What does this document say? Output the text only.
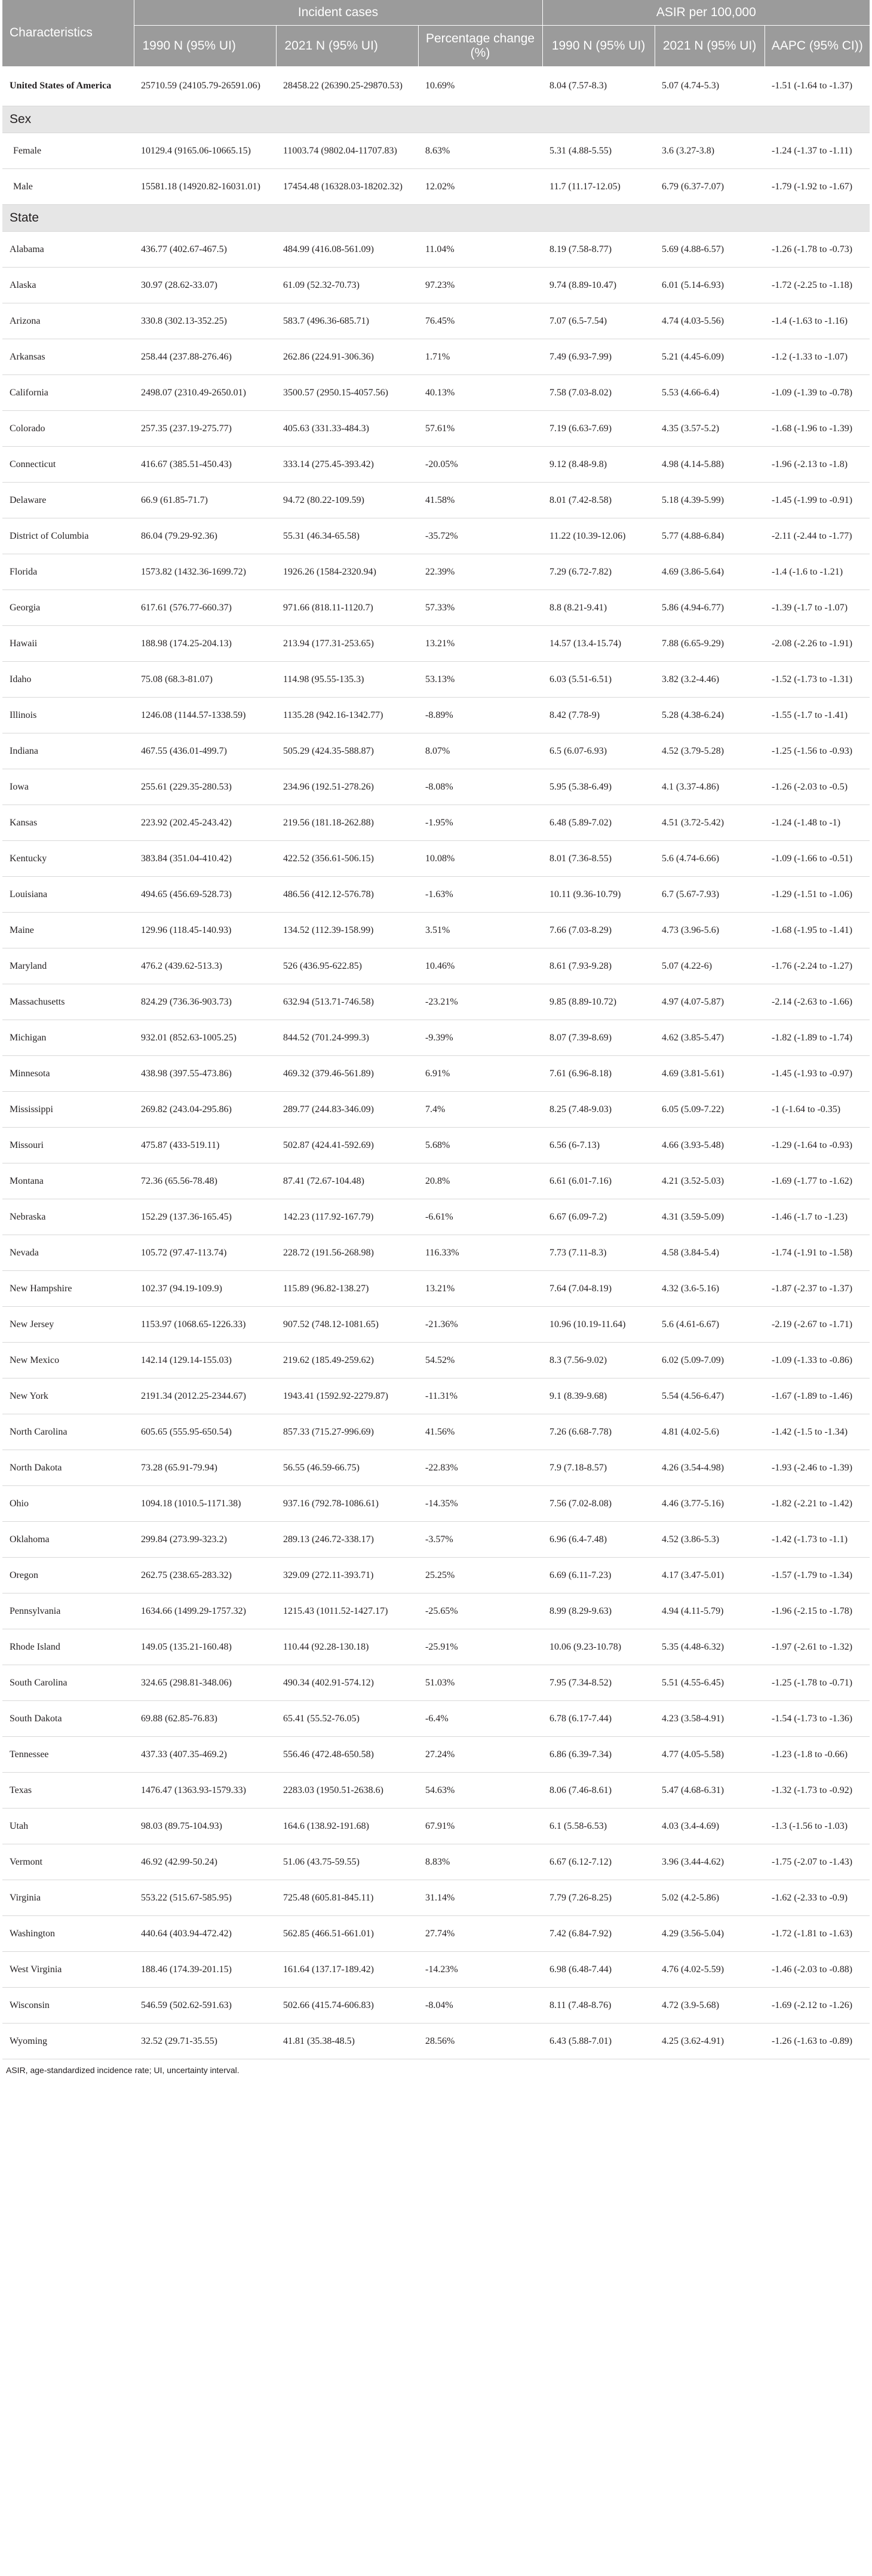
Characteristics	Incident cases			ASIR per 100,000		
	1990 N (95% UI)	2021 N (95% UI)	Percentage change (%)	1990 N (95% UI)	2021 N (95% UI)	AAPC (95% CI))
United States of America	25710.59 (24105.79-26591.06)	28458.22 (26390.25-29870.53)	10.69%	8.04 (7.57-8.3)	5.07 (4.74-5.3)	-1.51 (-1.64 to -1.37)
Sex						
Female	10129.4 (9165.06-10665.15)	11003.74 (9802.04-11707.83)	8.63%	5.31 (4.88-5.55)	3.6 (3.27-3.8)	-1.24 (-1.37 to -1.11)
Male	15581.18 (14920.82-16031.01)	17454.48 (16328.03-18202.32)	12.02%	11.7 (11.17-12.05)	6.79 (6.37-7.07)	-1.79 (-1.92 to -1.67)
State						
Alabama	436.77 (402.67-467.5)	484.99 (416.08-561.09)	11.04%	8.19 (7.58-8.77)	5.69 (4.88-6.57)	-1.26 (-1.78 to -0.73)
Alaska	30.97 (28.62-33.07)	61.09 (52.32-70.73)	97.23%	9.74 (8.89-10.47)	6.01 (5.14-6.93)	-1.72 (-2.25 to -1.18)
Arizona	330.8 (302.13-352.25)	583.7 (496.36-685.71)	76.45%	7.07 (6.5-7.54)	4.74 (4.03-5.56)	-1.4 (-1.63 to -1.16)
Arkansas	258.44 (237.88-276.46)	262.86 (224.91-306.36)	1.71%	7.49 (6.93-7.99)	5.21 (4.45-6.09)	-1.2 (-1.33 to -1.07)
California	2498.07 (2310.49-2650.01)	3500.57 (2950.15-4057.56)	40.13%	7.58 (7.03-8.02)	5.53 (4.66-6.4)	-1.09 (-1.39 to -0.78)
Colorado	257.35 (237.19-275.77)	405.63 (331.33-484.3)	57.61%	7.19 (6.63-7.69)	4.35 (3.57-5.2)	-1.68 (-1.96 to -1.39)
Connecticut	416.67 (385.51-450.43)	333.14 (275.45-393.42)	-20.05%	9.12 (8.48-9.8)	4.98 (4.14-5.88)	-1.96 (-2.13 to -1.8)
Delaware	66.9 (61.85-71.7)	94.72 (80.22-109.59)	41.58%	8.01 (7.42-8.58)	5.18 (4.39-5.99)	-1.45 (-1.99 to -0.91)
District of Columbia	86.04 (79.29-92.36)	55.31 (46.34-65.58)	-35.72%	11.22 (10.39-12.06)	5.77 (4.88-6.84)	-2.11 (-2.44 to -1.77)
Florida	1573.82 (1432.36-1699.72)	1926.26 (1584-2320.94)	22.39%	7.29 (6.72-7.82)	4.69 (3.86-5.64)	-1.4 (-1.6 to -1.21)
Georgia	617.61 (576.77-660.37)	971.66 (818.11-1120.7)	57.33%	8.8 (8.21-9.41)	5.86 (4.94-6.77)	-1.39 (-1.7 to -1.07)
Hawaii	188.98 (174.25-204.13)	213.94 (177.31-253.65)	13.21%	14.57 (13.4-15.74)	7.88 (6.65-9.29)	-2.08 (-2.26 to -1.91)
Idaho	75.08 (68.3-81.07)	114.98 (95.55-135.3)	53.13%	6.03 (5.51-6.51)	3.82 (3.2-4.46)	-1.52 (-1.73 to -1.31)
Illinois	1246.08 (1144.57-1338.59)	1135.28 (942.16-1342.77)	-8.89%	8.42 (7.78-9)	5.28 (4.38-6.24)	-1.55 (-1.7 to -1.41)
Indiana	467.55 (436.01-499.7)	505.29 (424.35-588.87)	8.07%	6.5 (6.07-6.93)	4.52 (3.79-5.28)	-1.25 (-1.56 to -0.93)
Iowa	255.61 (229.35-280.53)	234.96 (192.51-278.26)	-8.08%	5.95 (5.38-6.49)	4.1 (3.37-4.86)	-1.26 (-2.03 to -0.5)
Kansas	223.92 (202.45-243.42)	219.56 (181.18-262.88)	-1.95%	6.48 (5.89-7.02)	4.51 (3.72-5.42)	-1.24 (-1.48 to -1)
Kentucky	383.84 (351.04-410.42)	422.52 (356.61-506.15)	10.08%	8.01 (7.36-8.55)	5.6 (4.74-6.66)	-1.09 (-1.66 to -0.51)
Louisiana	494.65 (456.69-528.73)	486.56 (412.12-576.78)	-1.63%	10.11 (9.36-10.79)	6.7 (5.67-7.93)	-1.29 (-1.51 to -1.06)
Maine	129.96 (118.45-140.93)	134.52 (112.39-158.99)	3.51%	7.66 (7.03-8.29)	4.73 (3.96-5.6)	-1.68 (-1.95 to -1.41)
Maryland	476.2 (439.62-513.3)	526 (436.95-622.85)	10.46%	8.61 (7.93-9.28)	5.07 (4.22-6)	-1.76 (-2.24 to -1.27)
Massachusetts	824.29 (736.36-903.73)	632.94 (513.71-746.58)	-23.21%	9.85 (8.89-10.72)	4.97 (4.07-5.87)	-2.14 (-2.63 to -1.66)
Michigan	932.01 (852.63-1005.25)	844.52 (701.24-999.3)	-9.39%	8.07 (7.39-8.69)	4.62 (3.85-5.47)	-1.82 (-1.89 to -1.74)
Minnesota	438.98 (397.55-473.86)	469.32 (379.46-561.89)	6.91%	7.61 (6.96-8.18)	4.69 (3.81-5.61)	-1.45 (-1.93 to -0.97)
Mississippi	269.82 (243.04-295.86)	289.77 (244.83-346.09)	7.4%	8.25 (7.48-9.03)	6.05 (5.09-7.22)	-1 (-1.64 to -0.35)
Missouri	475.87 (433-519.11)	502.87 (424.41-592.69)	5.68%	6.56 (6-7.13)	4.66 (3.93-5.48)	-1.29 (-1.64 to -0.93)
Montana	72.36 (65.56-78.48)	87.41 (72.67-104.48)	20.8%	6.61 (6.01-7.16)	4.21 (3.52-5.03)	-1.69 (-1.77 to -1.62)
Nebraska	152.29 (137.36-165.45)	142.23 (117.92-167.79)	-6.61%	6.67 (6.09-7.2)	4.31 (3.59-5.09)	-1.46 (-1.7 to -1.23)
Nevada	105.72 (97.47-113.74)	228.72 (191.56-268.98)	116.33%	7.73 (7.11-8.3)	4.58 (3.84-5.4)	-1.74 (-1.91 to -1.58)
New Hampshire	102.37 (94.19-109.9)	115.89 (96.82-138.27)	13.21%	7.64 (7.04-8.19)	4.32 (3.6-5.16)	-1.87 (-2.37 to -1.37)
New Jersey	1153.97 (1068.65-1226.33)	907.52 (748.12-1081.65)	-21.36%	10.96 (10.19-11.64)	5.6 (4.61-6.67)	-2.19 (-2.67 to -1.71)
New Mexico	142.14 (129.14-155.03)	219.62 (185.49-259.62)	54.52%	8.3 (7.56-9.02)	6.02 (5.09-7.09)	-1.09 (-1.33 to -0.86)
New York	2191.34 (2012.25-2344.67)	1943.41 (1592.92-2279.87)	-11.31%	9.1 (8.39-9.68)	5.54 (4.56-6.47)	-1.67 (-1.89 to -1.46)
North Carolina	605.65 (555.95-650.54)	857.33 (715.27-996.69)	41.56%	7.26 (6.68-7.78)	4.81 (4.02-5.6)	-1.42 (-1.5 to -1.34)
North Dakota	73.28 (65.91-79.94)	56.55 (46.59-66.75)	-22.83%	7.9 (7.18-8.57)	4.26 (3.54-4.98)	-1.93 (-2.46 to -1.39)
Ohio	1094.18 (1010.5-1171.38)	937.16 (792.78-1086.61)	-14.35%	7.56 (7.02-8.08)	4.46 (3.77-5.16)	-1.82 (-2.21 to -1.42)
Oklahoma	299.84 (273.99-323.2)	289.13 (246.72-338.17)	-3.57%	6.96 (6.4-7.48)	4.52 (3.86-5.3)	-1.42 (-1.73 to -1.1)
Oregon	262.75 (238.65-283.32)	329.09 (272.11-393.71)	25.25%	6.69 (6.11-7.23)	4.17 (3.47-5.01)	-1.57 (-1.79 to -1.34)
Pennsylvania	1634.66 (1499.29-1757.32)	1215.43 (1011.52-1427.17)	-25.65%	8.99 (8.29-9.63)	4.94 (4.11-5.79)	-1.96 (-2.15 to -1.78)
Rhode Island	149.05 (135.21-160.48)	110.44 (92.28-130.18)	-25.91%	10.06 (9.23-10.78)	5.35 (4.48-6.32)	-1.97 (-2.61 to -1.32)
South Carolina	324.65 (298.81-348.06)	490.34 (402.91-574.12)	51.03%	7.95 (7.34-8.52)	5.51 (4.55-6.45)	-1.25 (-1.78 to -0.71)
South Dakota	69.88 (62.85-76.83)	65.41 (55.52-76.05)	-6.4%	6.78 (6.17-7.44)	4.23 (3.58-4.91)	-1.54 (-1.73 to -1.36)
Tennessee	437.33 (407.35-469.2)	556.46 (472.48-650.58)	27.24%	6.86 (6.39-7.34)	4.77 (4.05-5.58)	-1.23 (-1.8 to -0.66)
Texas	1476.47 (1363.93-1579.33)	2283.03 (1950.51-2638.6)	54.63%	8.06 (7.46-8.61)	5.47 (4.68-6.31)	-1.32 (-1.73 to -0.92)
Utah	98.03 (89.75-104.93)	164.6 (138.92-191.68)	67.91%	6.1 (5.58-6.53)	4.03 (3.4-4.69)	-1.3 (-1.56 to -1.03)
Vermont	46.92 (42.99-50.24)	51.06 (43.75-59.55)	8.83%	6.67 (6.12-7.12)	3.96 (3.44-4.62)	-1.75 (-2.07 to -1.43)
Virginia	553.22 (515.67-585.95)	725.48 (605.81-845.11)	31.14%	7.79 (7.26-8.25)	5.02 (4.2-5.86)	-1.62 (-2.33 to -0.9)
Washington	440.64 (403.94-472.42)	562.85 (466.51-661.01)	27.74%	7.42 (6.84-7.92)	4.29 (3.56-5.04)	-1.72 (-1.81 to -1.63)
West Virginia	188.46 (174.39-201.15)	161.64 (137.17-189.42)	-14.23%	6.98 (6.48-7.44)	4.76 (4.02-5.59)	-1.46 (-2.03 to -0.88)
Wisconsin	546.59 (502.62-591.63)	502.66 (415.74-606.83)	-8.04%	8.11 (7.48-8.76)	4.72 (3.9-5.68)	-1.69 (-2.12 to -1.26)
Wyoming	32.52 (29.71-35.55)	41.81 (35.38-48.5)	28.56%	6.43 (5.88-7.01)	4.25 (3.62-4.91)	-1.26 (-1.63 to -0.89)
ASIR, age-standardized incidence rate; UI, uncertainty interval.
